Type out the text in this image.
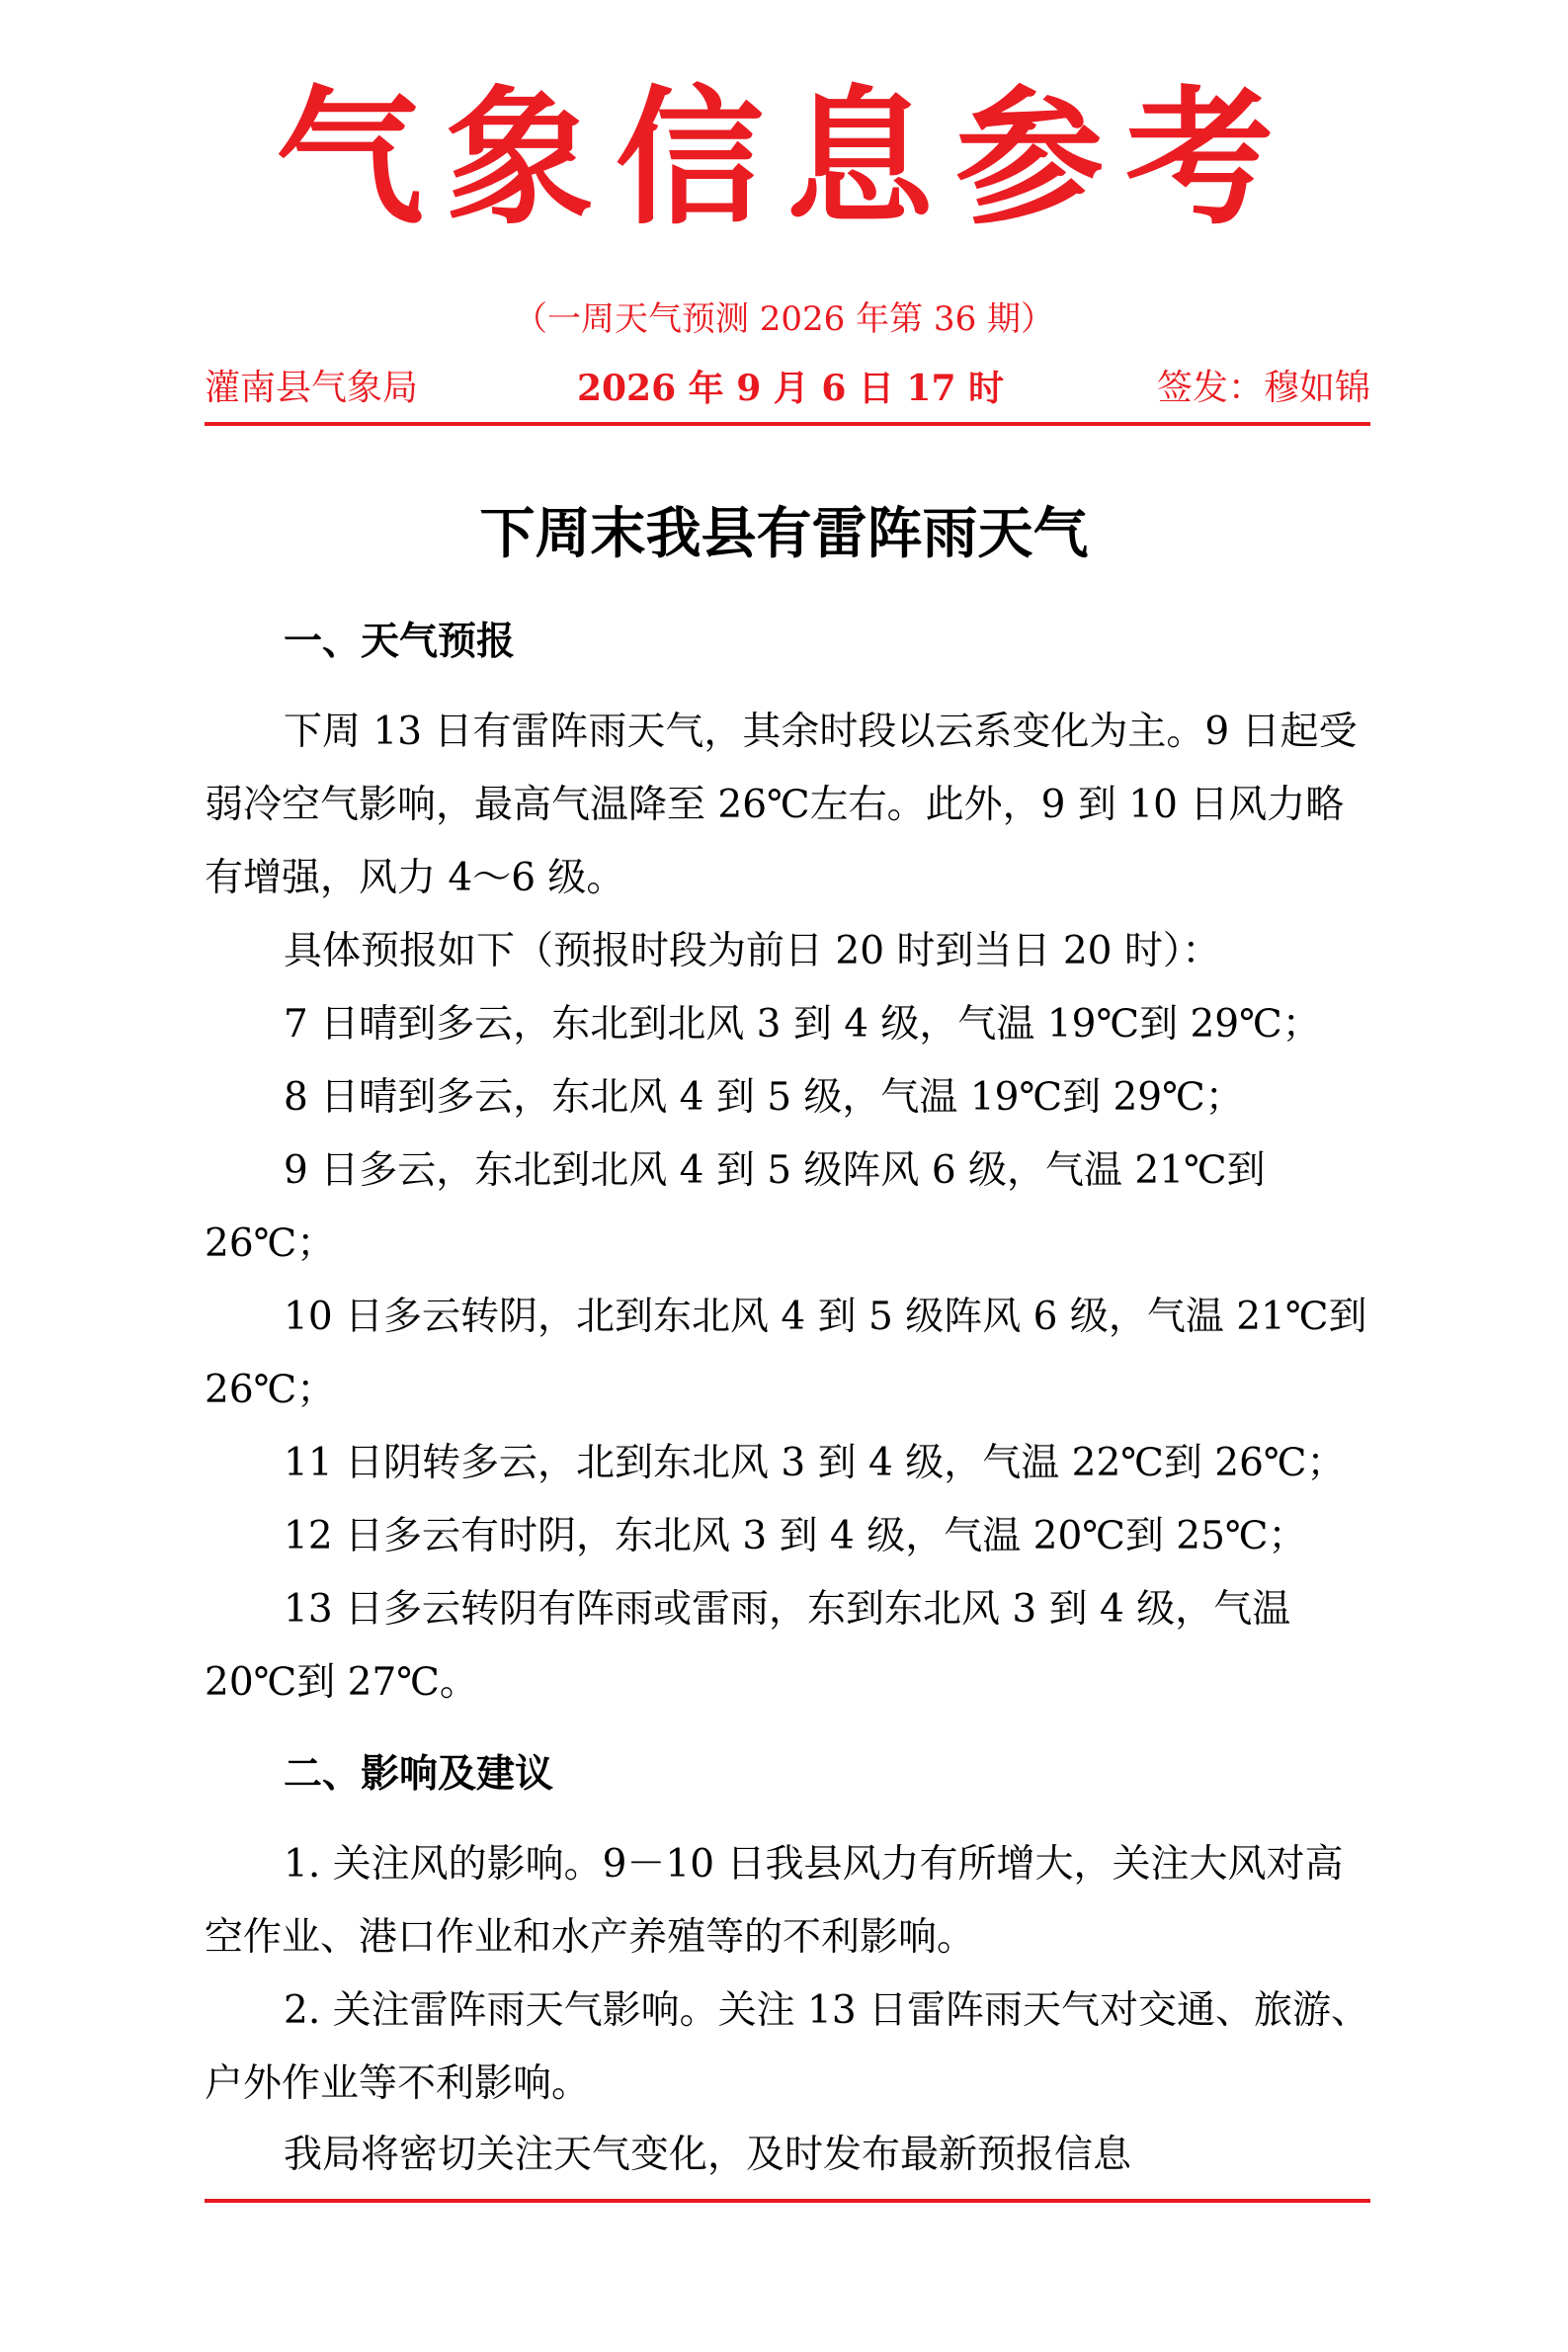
气象信息参考
（一周天气预测 2026 年第 36 期）
灌南县气象局	2026 年 9 月 6 日 17 时	签发：穆如锦
下周末我县有雷阵雨天气

一、天气预报

下周 13 日有雷阵雨天气，其余时段以云系变化为主。9 日起受弱冷空气影响，最高气温降至 26℃左右。此外，9 到 10 日风力略有增强，风力 4～6 级。

具体预报如下（预报时段为前日 20 时到当日 20 时）：

7 日晴到多云，东北到北风 3 到 4 级，气温 19℃到 29℃；

8 日晴到多云，东北风 4 到 5 级，气温 19℃到 29℃；

9 日多云，东北到北风 4 到 5 级阵风 6 级，气温 21℃到 26℃；

10 日多云转阴，北到东北风 4 到 5 级阵风 6 级，气温 21℃到 26℃；

11 日阴转多云，北到东北风 3 到 4 级，气温 22℃到 26℃；

12 日多云有时阴，东北风 3 到 4 级，气温 20℃到 25℃；

13 日多云转阴有阵雨或雷雨，东到东北风 3 到 4 级，气温 20℃到 27℃。

二、影响及建议

1. 关注风的影响。9－10 日我县风力有所增大，关注大风对高空作业、港口作业和水产养殖等的不利影响。

2. 关注雷阵雨天气影响。关注 13 日雷阵雨天气对交通、旅游、户外作业等不利影响。

我局将密切关注天气变化，及时发布最新预报信息
